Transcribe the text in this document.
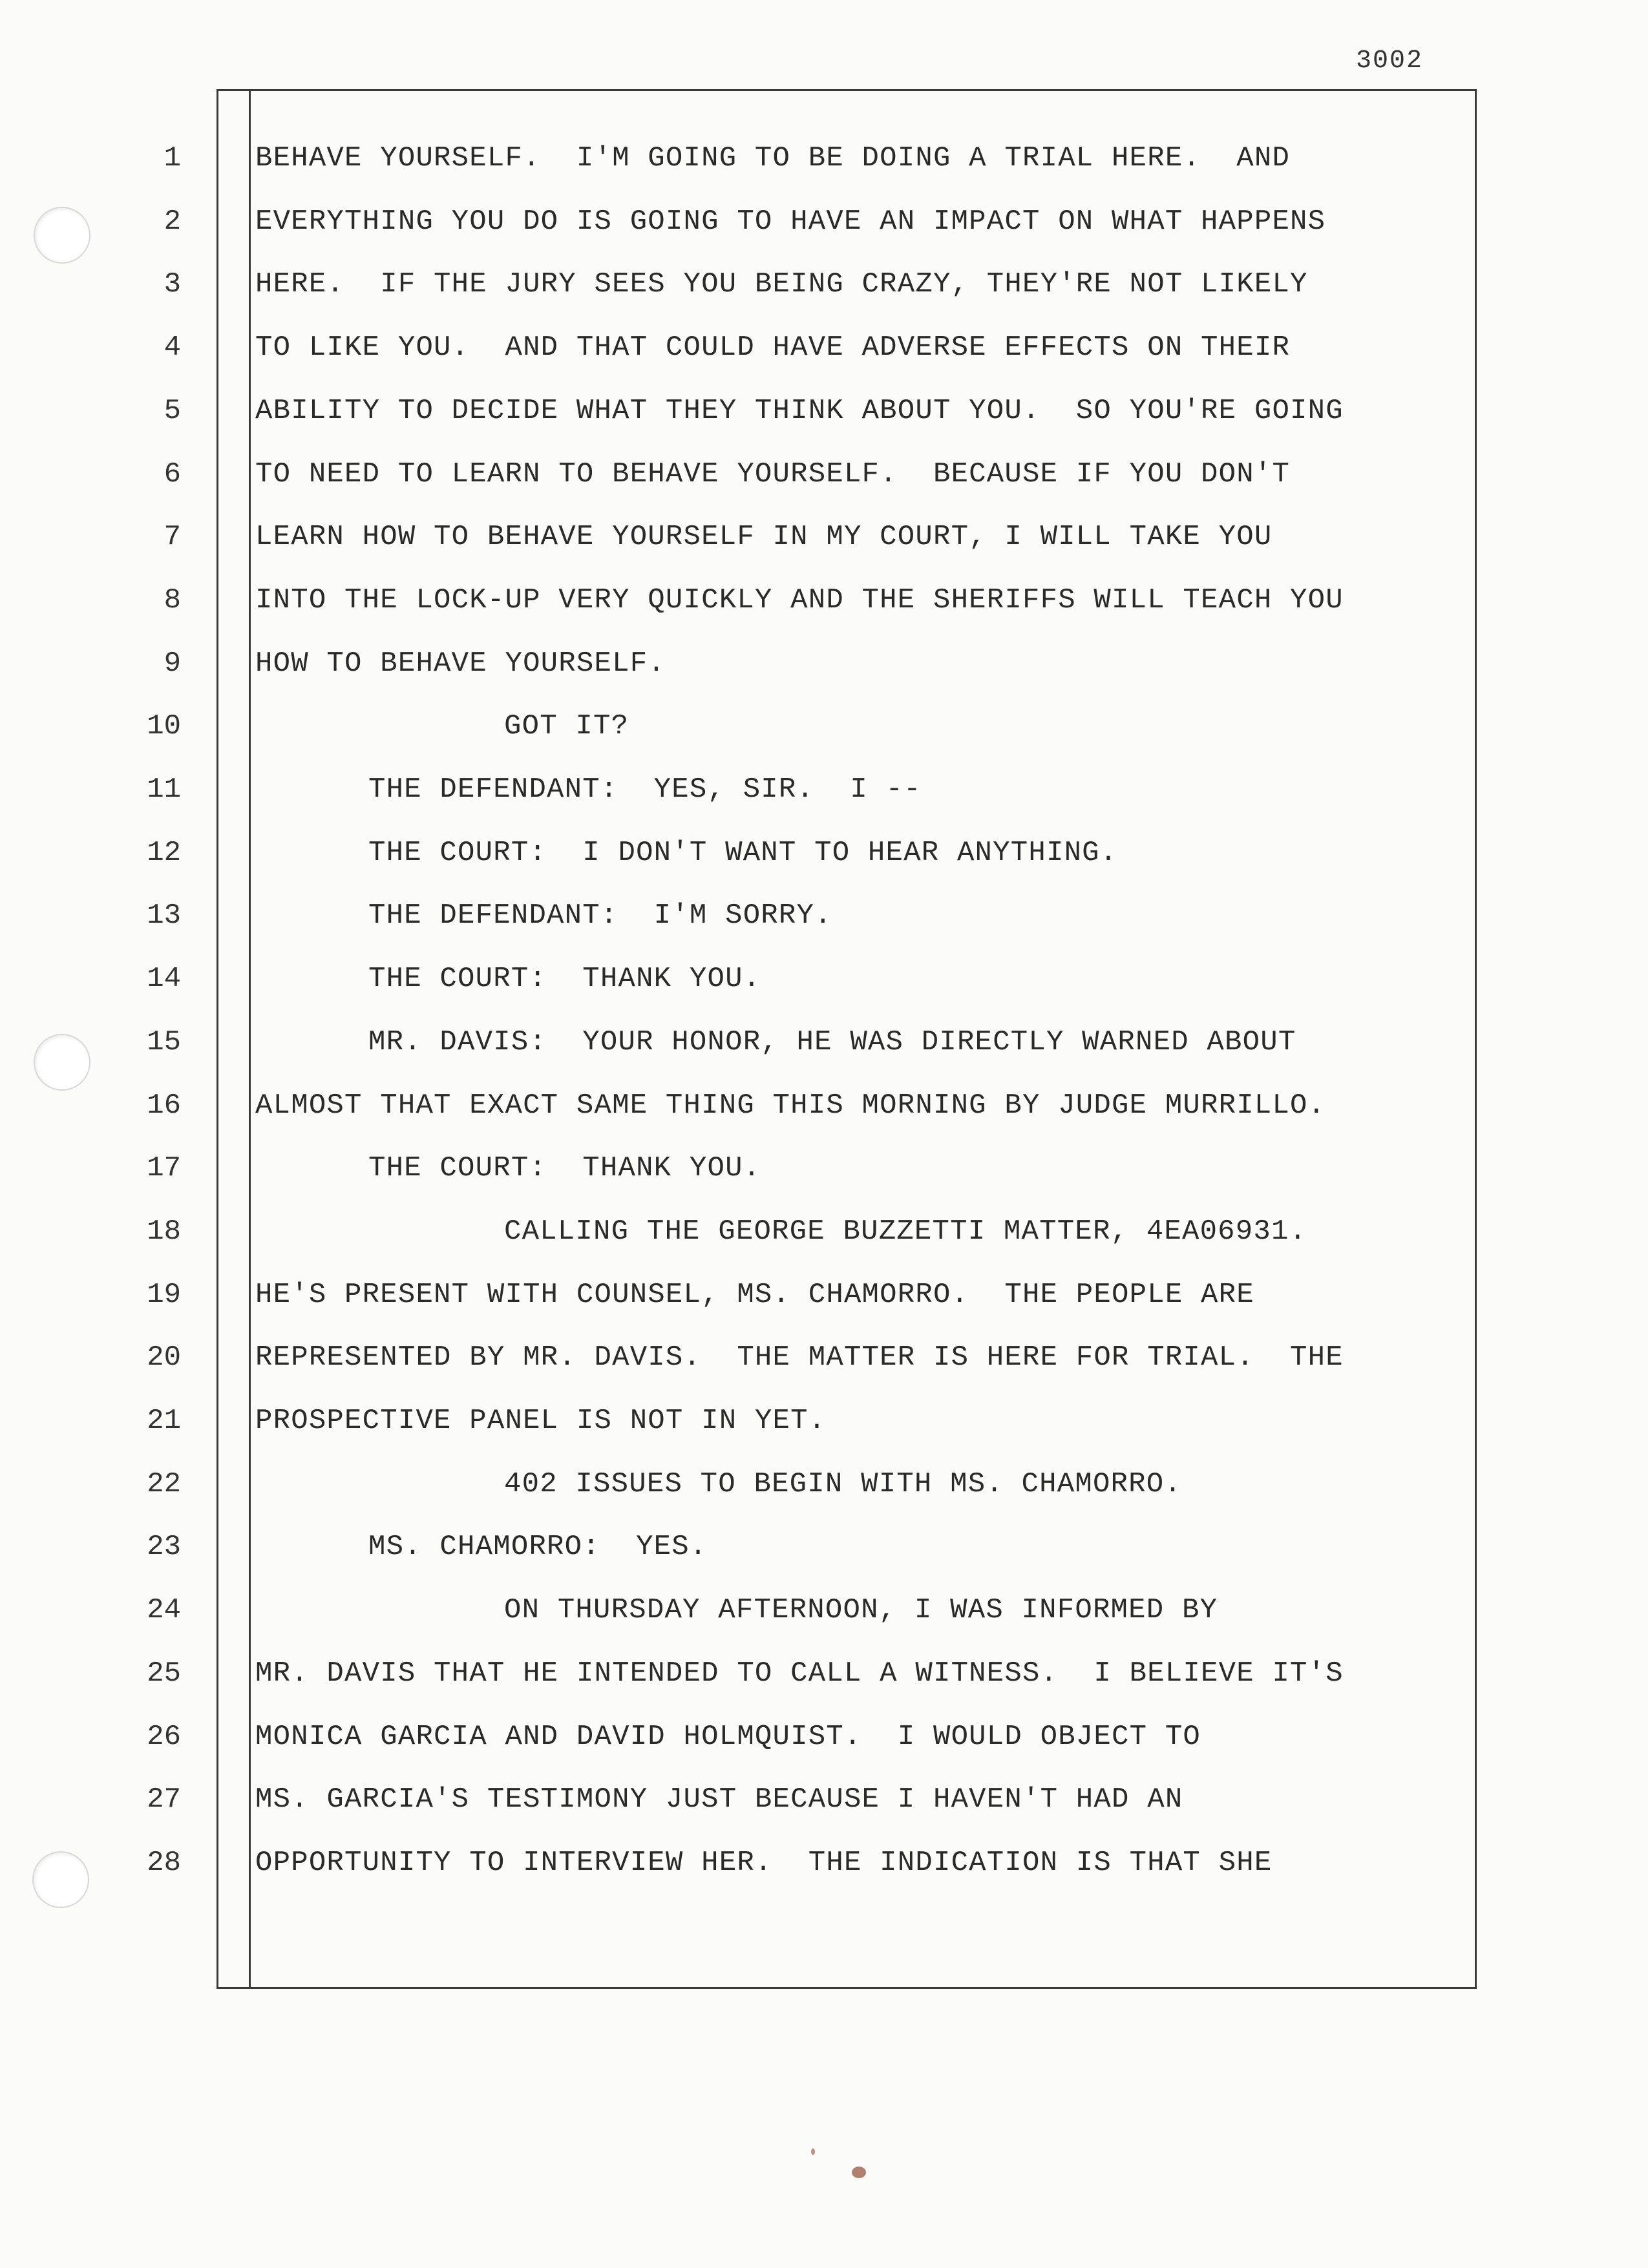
3002
1	BEHAVE YOURSELF.  I'M GOING TO BE DOING A TRIAL HERE.  AND
2	EVERYTHING YOU DO IS GOING TO HAVE AN IMPACT ON WHAT HAPPENS
3	HERE.  IF THE JURY SEES YOU BEING CRAZY, THEY'RE NOT LIKELY
4	TO LIKE YOU.  AND THAT COULD HAVE ADVERSE EFFECTS ON THEIR
5	ABILITY TO DECIDE WHAT THEY THINK ABOUT YOU.  SO YOU'RE GOING
6	TO NEED TO LEARN TO BEHAVE YOURSELF.  BECAUSE IF YOU DON'T
7	LEARN HOW TO BEHAVE YOURSELF IN MY COURT, I WILL TAKE YOU
8	INTO THE LOCK-UP VERY QUICKLY AND THE SHERIFFS WILL TEACH YOU
9	HOW TO BEHAVE YOURSELF.
10	GOT IT?
11	THE DEFENDANT:  YES, SIR.  I --
12	THE COURT:  I DON'T WANT TO HEAR ANYTHING.
13	THE DEFENDANT:  I'M SORRY.
14	THE COURT:  THANK YOU.
15	MR. DAVIS:  YOUR HONOR, HE WAS DIRECTLY WARNED ABOUT
16	ALMOST THAT EXACT SAME THING THIS MORNING BY JUDGE MURRILLO.
17	THE COURT:  THANK YOU.
18	CALLING THE GEORGE BUZZETTI MATTER, 4EA06931.
19	HE'S PRESENT WITH COUNSEL, MS. CHAMORRO.  THE PEOPLE ARE
20	REPRESENTED BY MR. DAVIS.  THE MATTER IS HERE FOR TRIAL.  THE
21	PROSPECTIVE PANEL IS NOT IN YET.
22	402 ISSUES TO BEGIN WITH MS. CHAMORRO.
23	MS. CHAMORRO:  YES.
24	ON THURSDAY AFTERNOON, I WAS INFORMED BY
25	MR. DAVIS THAT HE INTENDED TO CALL A WITNESS.  I BELIEVE IT'S
26	MONICA GARCIA AND DAVID HOLMQUIST.  I WOULD OBJECT TO
27	MS. GARCIA'S TESTIMONY JUST BECAUSE I HAVEN'T HAD AN
28	OPPORTUNITY TO INTERVIEW HER.  THE INDICATION IS THAT SHE
